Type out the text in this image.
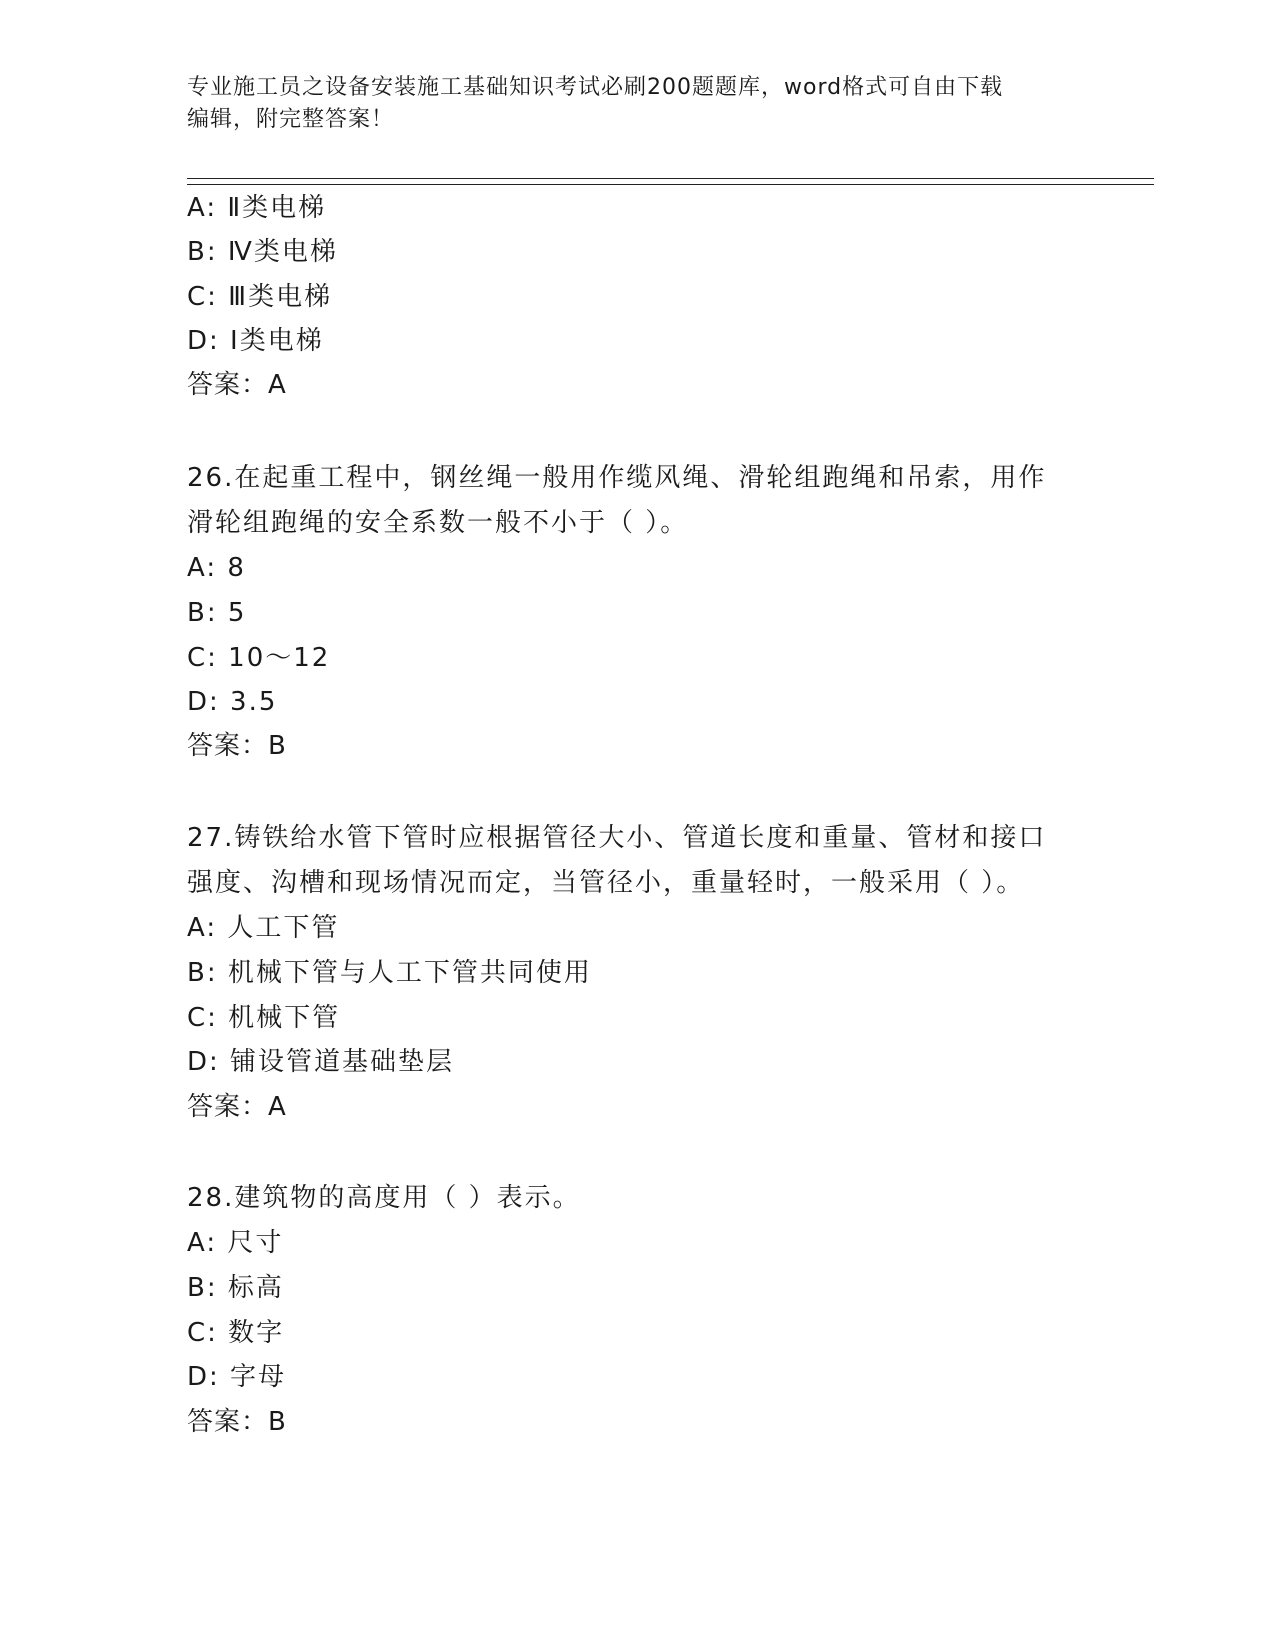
专业施工员之设备安装施工基础知识考试必刷200题题库，word格式可自由下载
编辑，附完整答案！
A: Ⅱ类电梯
B: Ⅳ类电梯
C: Ⅲ类电梯
D: Ⅰ类电梯
答案：A
26.在起重工程中，钢丝绳一般用作缆风绳、滑轮组跑绳和吊索，用作
滑轮组跑绳的安全系数一般不小于（ ）。
A: 8
B: 5
C: 10～12
D: 3.5
答案：B
27.铸铁给水管下管时应根据管径大小、管道长度和重量、管材和接口
强度、沟槽和现场情况而定，当管径小，重量轻时，一般采用（ ）。
A: 人工下管
B: 机械下管与人工下管共同使用
C: 机械下管
D: 铺设管道基础垫层
答案：A
28.建筑物的高度用（ ）表示。
A: 尺寸
B: 标高
C: 数字
D: 字母
答案：B
